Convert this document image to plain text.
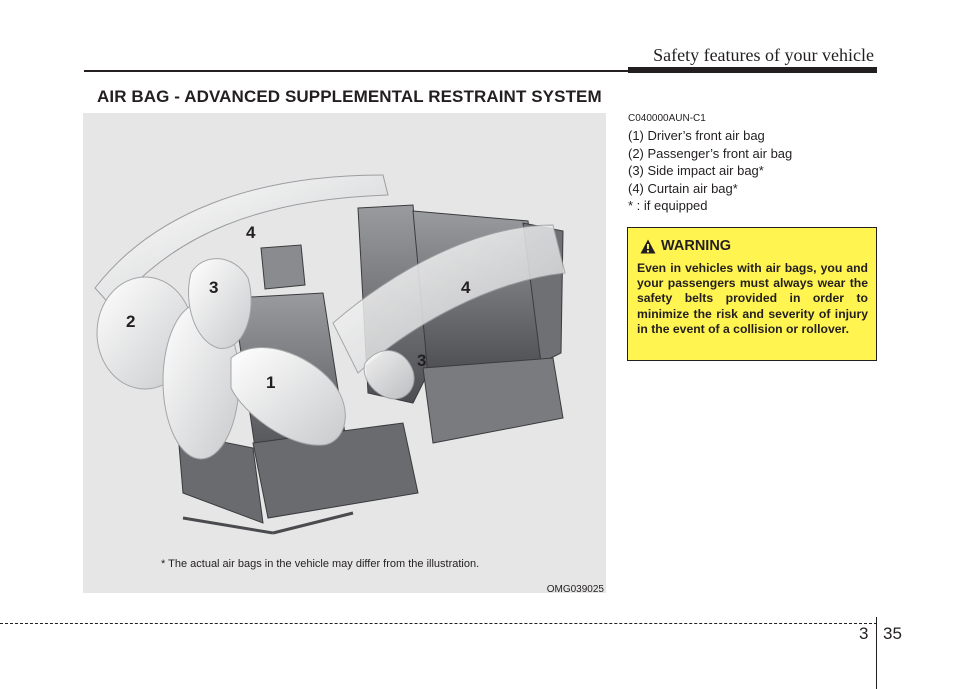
Safety features of your vehicle
AIR BAG - ADVANCED SUPPLEMENTAL RESTRAINT SYSTEM
1
2
3
4
3
4
* The actual air bags in the vehicle may differ from the illustration.
OMG039025
C040000AUN-C1
(1) Driver’s front air bag
(2) Passenger’s front air bag
(3) Side impact air bag*
(4) Curtain air bag*
* : if equipped
WARNING
Even in vehicles with air bags, you and your passengers must always wear the safety belts provided in order to minimize the risk and severity of injury in the event of a collision or rollover.
3 35
